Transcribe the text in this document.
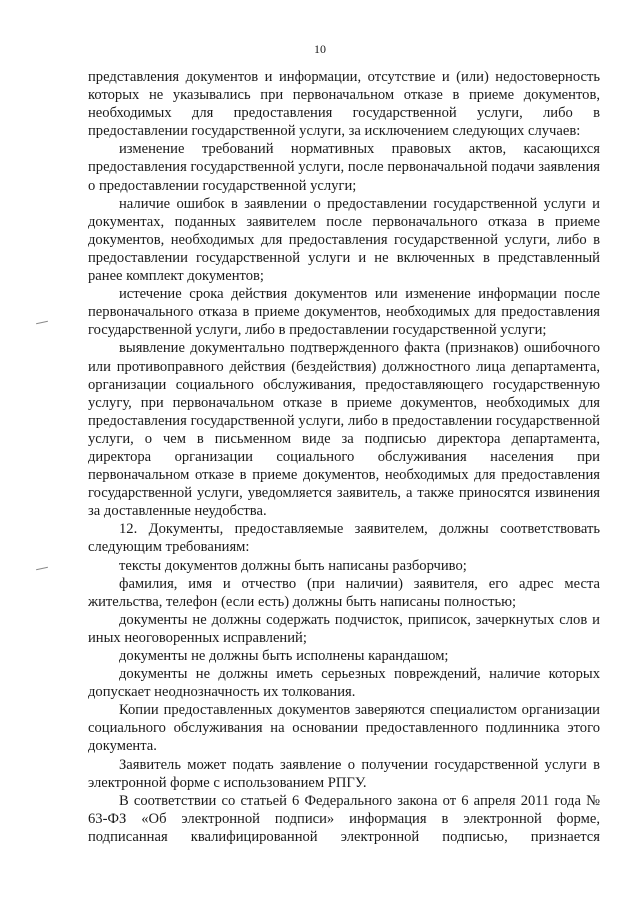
10

представления документов и информации, отсутствие и (или) недостоверность которых не указывались при первоначальном отказе в приеме документов, необходимых для предоставления государственной услуги, либо в предоставлении государственной услуги, за исключением следующих случаев:

изменение требований нормативных правовых актов, касающихся предоставления государственной услуги, после первоначальной подачи заявления о предоставлении государственной услуги;

наличие ошибок в заявлении о предоставлении государственной услуги и документах, поданных заявителем после первоначального отказа в приеме документов, необходимых для предоставления государственной услуги, либо в предоставлении государственной услуги и не включенных в представленный ранее комплект документов;

истечение срока действия документов или изменение информации после первоначального отказа в приеме документов, необходимых для предоставления государственной услуги, либо в предоставлении государственной услуги;

выявление документально подтвержденного факта (признаков) ошибочного или противоправного действия (бездействия) должностного лица департамента, организации социального обслуживания, предоставляющего государственную услугу, при первоначальном отказе в приеме документов, необходимых для предоставления государственной услуги, либо в предоставлении государственной услуги, о чем в письменном виде за подписью директора департамента, директора организации социального обслуживания населения при первоначальном отказе в приеме документов, необходимых для предоставления государственной услуги, уведомляется заявитель, а также приносятся извинения за доставленные неудобства.

12. Документы, предоставляемые заявителем, должны соответствовать следующим требованиям:

тексты документов должны быть написаны разборчиво;

фамилия, имя и отчество (при наличии) заявителя, его адрес места жительства, телефон (если есть) должны быть написаны полностью;

документы не должны содержать подчисток, приписок, зачеркнутых слов и иных неоговоренных исправлений;

документы не должны быть исполнены карандашом;

документы не должны иметь серьезных повреждений, наличие которых допускает неоднозначность их толкования.

Копии предоставленных документов заверяются специалистом организации социального обслуживания на основании предоставленного подлинника этого документа.

Заявитель может подать заявление о получении государственной услуги в электронной форме с использованием РПГУ.

В соответствии со статьей 6 Федерального закона от 6 апреля 2011 года № 63-ФЗ «Об электронной подписи» информация в электронной форме, подписанная квалифицированной электронной подписью, признается
